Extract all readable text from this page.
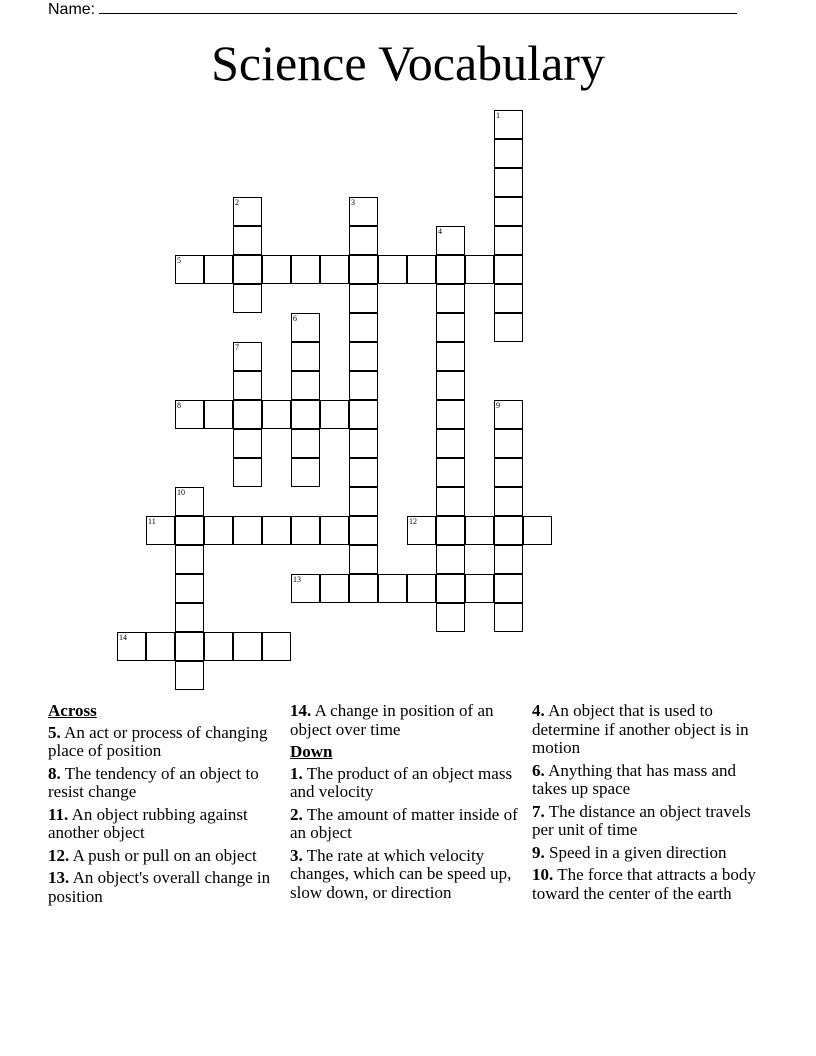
Name:
Science Vocabulary
1
2	3
4
5
6
7
8	9
10
11	12
13
14
Across
5. An act or process of changing place of position
8. The tendency of an object to resist change
11. An object rubbing against another object
12. A push or pull on an object
13. An object's overall change in position
14. A change in position of an object over time
Down
1. The product of an object mass and velocity
2. The amount of matter inside of an object
3. The rate at which velocity changes, which can be speed up, slow down, or direction
4. An object that is used to determine if another object is in motion
6. Anything that has mass and takes up space
7. The distance an object travels per unit of time
9. Speed in a given direction
10. The force that attracts a body toward the center of the earth
